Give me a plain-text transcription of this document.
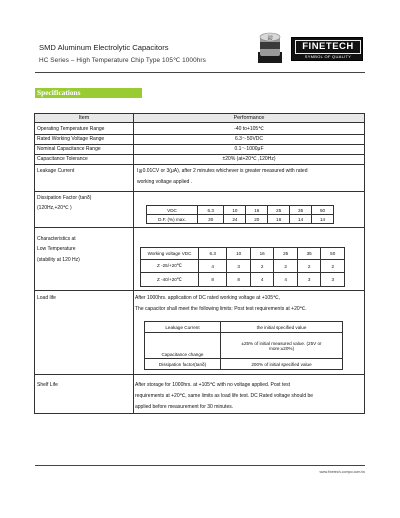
SMD Aluminum Electrolytic Capacitors
HC Series – High Temperature Chip Type 105℃ 1000hrs
100
25V
FINETECH
SYMBOL OF QUALITY
Specifications
Item	Performance
Operating Temperature Range	-40 to+105℃
Rated Working Voltage Range	6.3～50VDC
Nominal Capacitance Range	0.1～1000μF
Capacitance Tolerance	±20% (at+20℃ ,120Hz)
Leakage Current	I≦0.01CV or 3(μA), after 2 minutes whichever is greater measured with rated
working voltage applied .
Dissipation Factor (tanδ)
(120Hz,+20℃ )	VDC	6.3	10	16	25	35	50
D.F. (%) max.	30	24	20	16	14	14
Characteristics at
Low Temperature
(stability at 120 Hz)
Working voltage VDC	6.3	10	16	25	35	50
Z -25/+20℃	4	3	2	2	2	2
Z -40/+20℃	8	8	4	4	3	3
Load life	After 1000hrs. application of DC rated working voltage at +105℃,
The capacitor shall meet the following limits: Post test requirements at +20℃.
Leakage Current	the initial specified value
Capacitance change	±25% of initial measured value. (25V or
more:±20%)

Dissipation factor(tanδ)	200% of initial specified value
Shelf Life	After storage for 1000hrs. at +105℃ with no voltage applied. Post test
requirements at +20℃, same limits as load life test. DC Rated voltage should be
applied before measurement for 30 minutes.
www.finetech-compo.com.tw
